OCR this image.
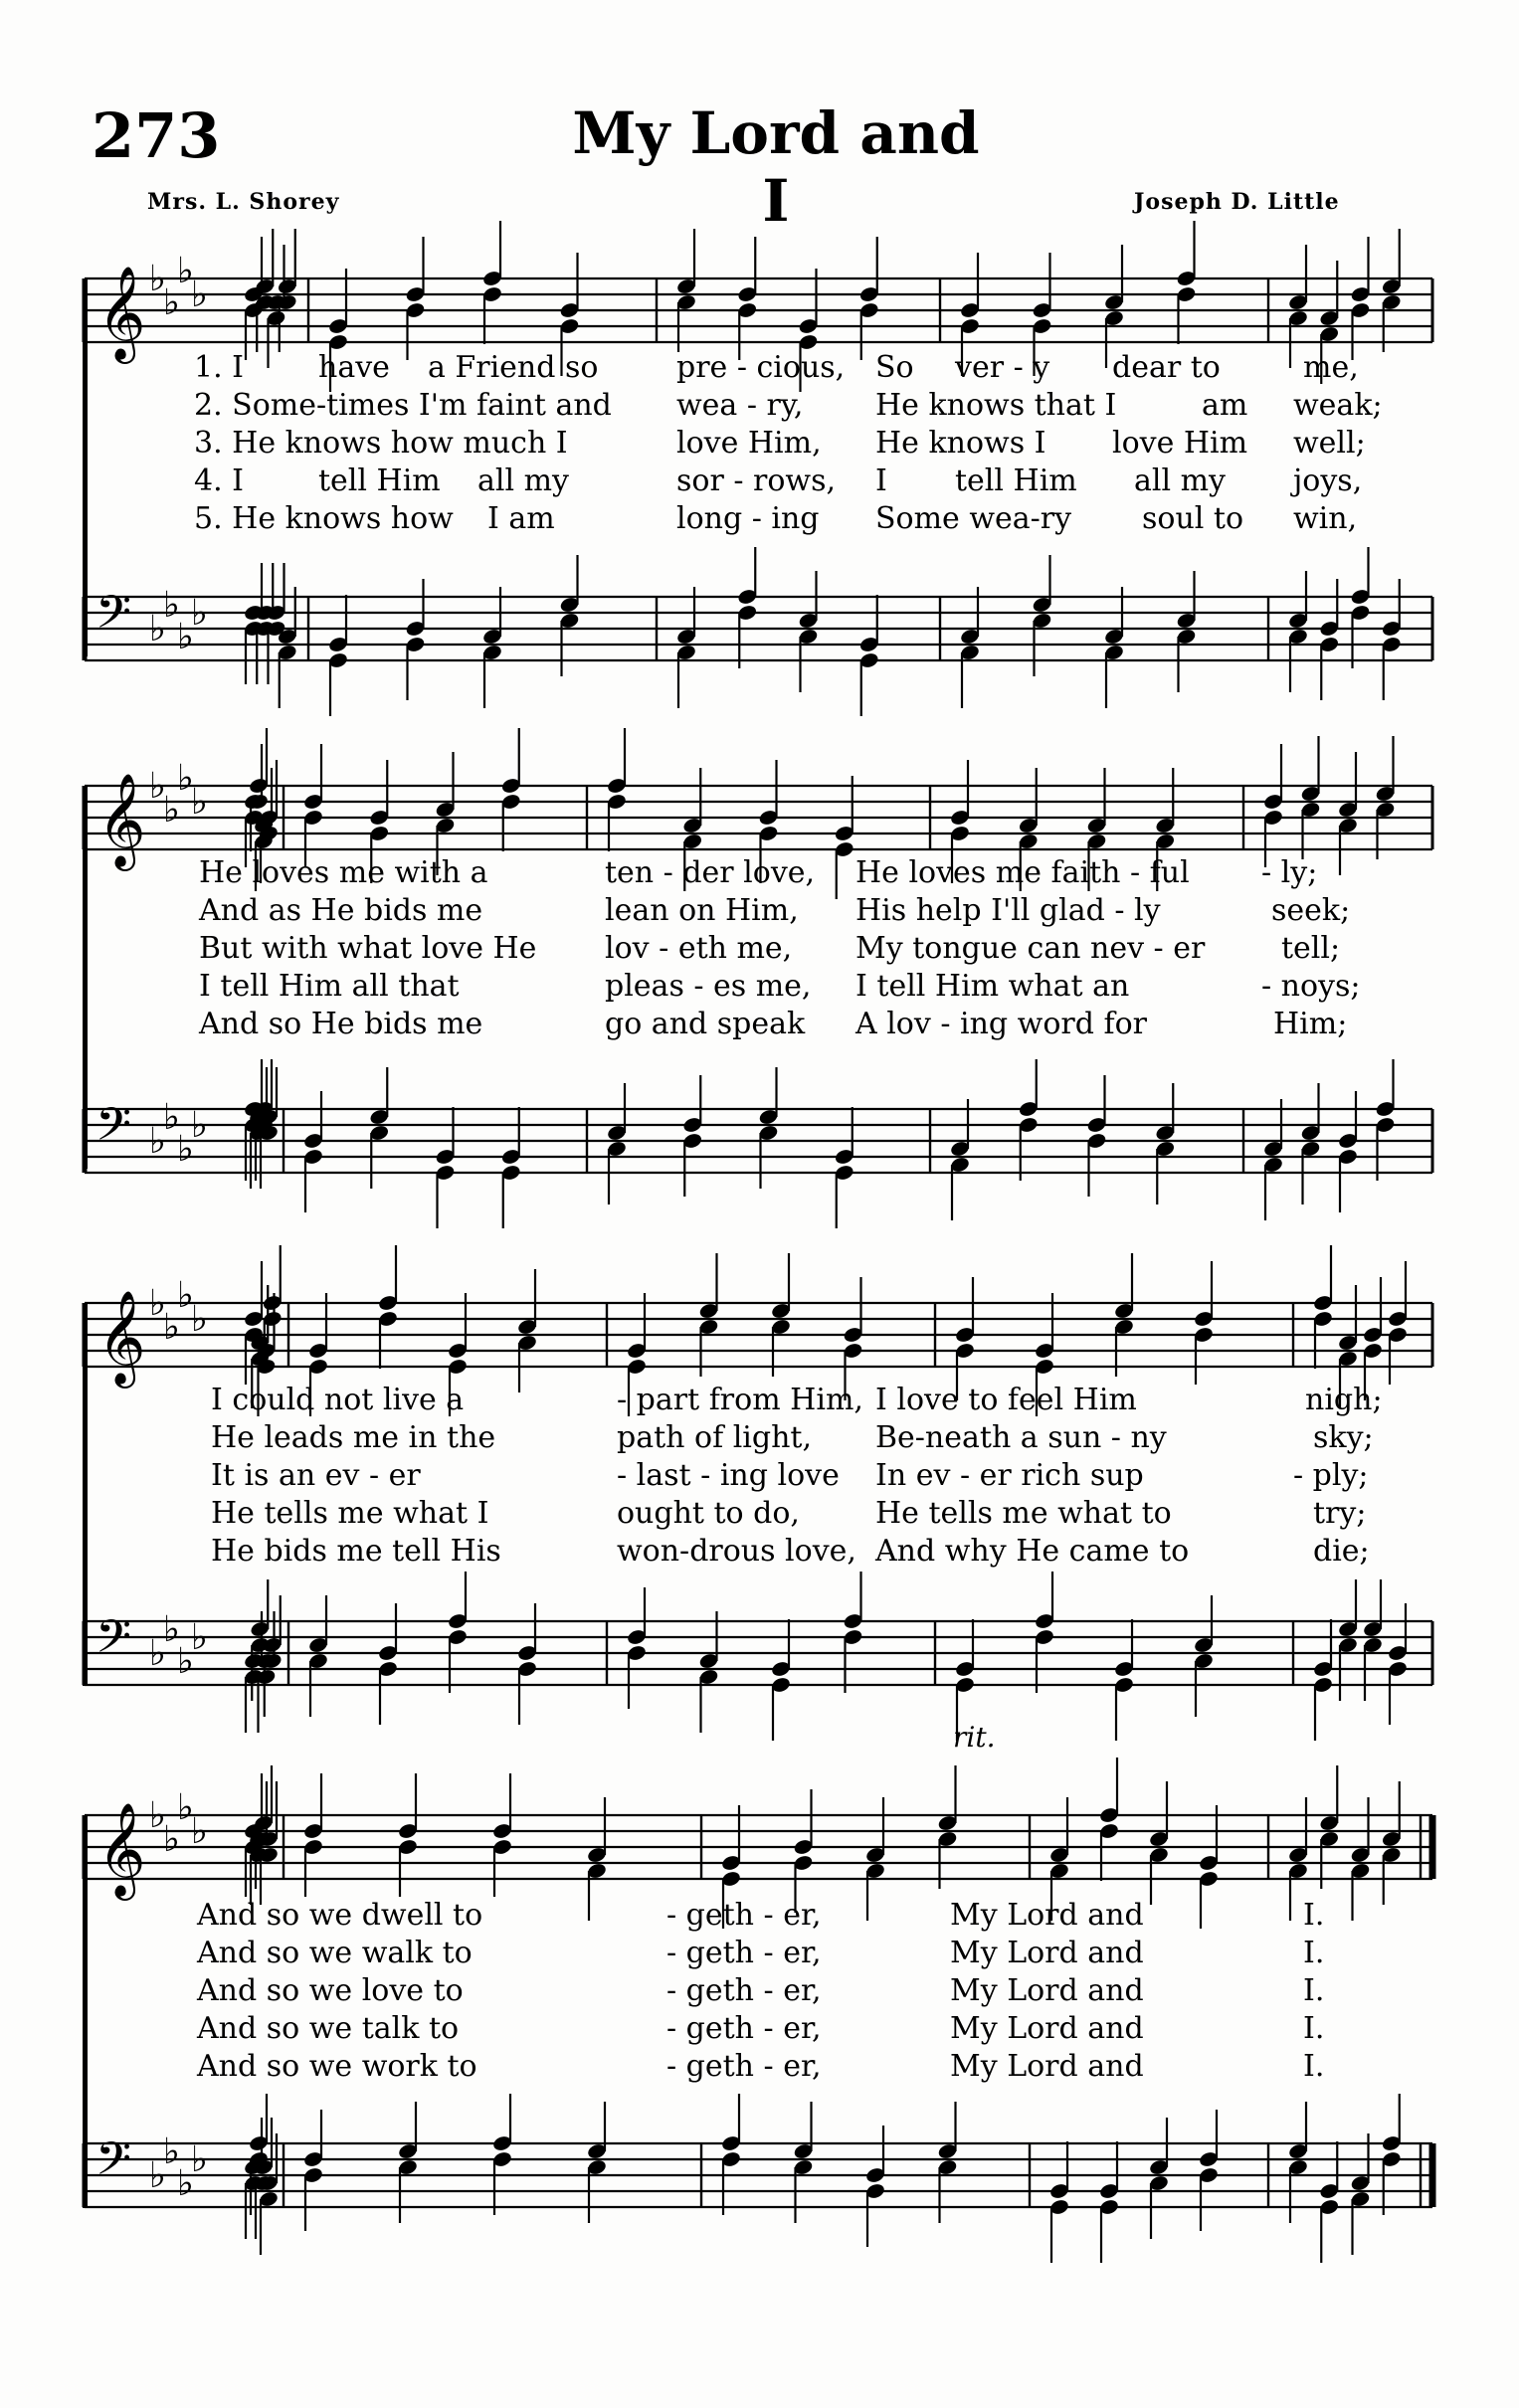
273	My Lord and I
Mrs. L. Shorey	Joseph D. Little
𝄞 ♭
♭
♭
♭
𝄢 ♭
♭
♭
♭
1. I have a Friend so	pre - cious, So ver - y dear to	me,
2. Some-times I'm faint and wea - ry, He knows that I	am weak;
3. He knows how much I	love Him, He knows I love Him well;
4. I tell Him all my	sor - rows, I tell Him all my joys,
5. He knows how I am	long - ing Some wea-ry soul to win,
𝄞 ♭
♭
♭
♭
𝄢 ♭
♭
♭
♭
He loves me with a	ten - der love, He loves me faith - ful - ly;
And as He bids me	lean on Him, His help I'll glad - ly	seek;
But with what love He lov - eth me, My tongue can nev - er	tell;
I tell Him all that	pleas - es me, I tell Him what an	- noys;
And so He bids me	go and speak A lov - ing word for	Him;
𝄞 ♭
♭
♭
♭
𝄢 ♭
♭
♭
♭
I could not live a	- part from Him, I love to feel Him	nigh;
He leads me in the	path of light, Be-neath a sun - ny	sky;
It is an ev - er	- last - ing love In ev - er rich sup	- ply;
He tells me what I	ought to do,	He tells me what to	try;
He bids me tell His	won-drous love, And why He came to	die;
rit.
𝄞 ♭
♭
♭
♭
𝄢 ♭
♭
♭
♭
And so we dwell to	- geth - er,	My Lord and	I.
And so we walk to	- geth - er,	My Lord and	I.
And so we love to	- geth - er,	My Lord and	I.
And so we talk to	- geth - er,	My Lord and	I.
And so we work to	- geth - er,	My Lord and	I.
